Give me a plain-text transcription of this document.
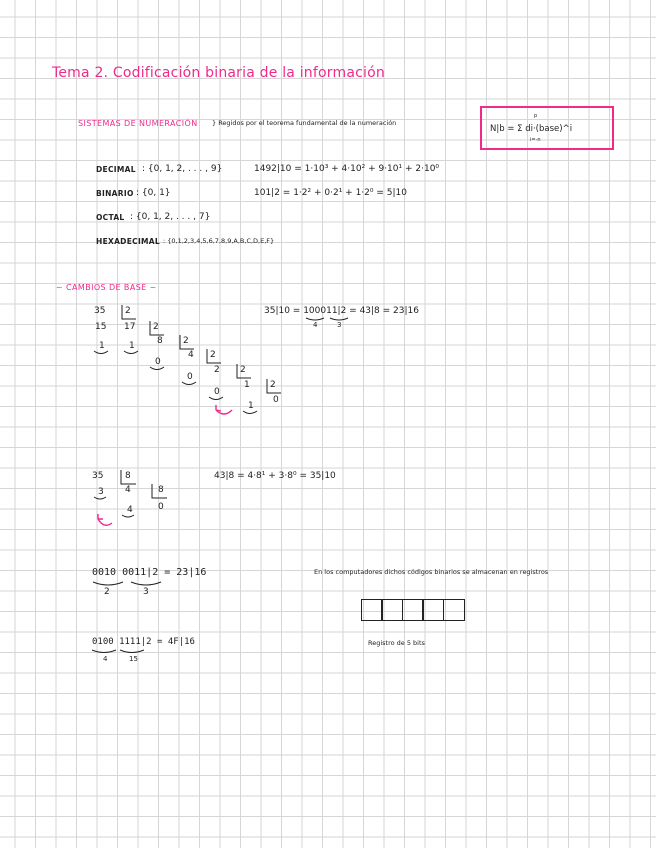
Tema 2. Codificación binaria de la información
SISTEMAS DE NUMERACIÓN } Regidos por el teorema fundamental de la numeración
N|b = Σ di·(base)^i
p
i=-n
DECIMAL : {0, 1, 2, . . . , 9}	1492|10 = 1·10³ + 4·10² + 9·10¹ + 2·10⁰
BINARIO : {0, 1}	101|2 = 1·2² + 0·2¹ + 1·2⁰ = 5|10
OCTAL : {0, 1, 2, . . . , 7}
HEXADECIMAL : {0,1,2,3,4,5,6,7,8,9,A,B,C,D,E,F}
~ CAMBIOS DE BASE ~
35 2
15 17 2
1	1 8 2
0
4 2
0
2 2
0
1 2
1
0
35|10 = 100011|2 = 43|8 = 23|16
4	3
35 8
3 4	8
4	0
43|8 = 4·8¹ + 3·8⁰ = 35|10
0010 0011|2 = 23|16
2	3
0100 1111|2 = 4F|16
4	15
En los computadores dichos códigos binarios se almacenan en registros
Registro de 5 bits
